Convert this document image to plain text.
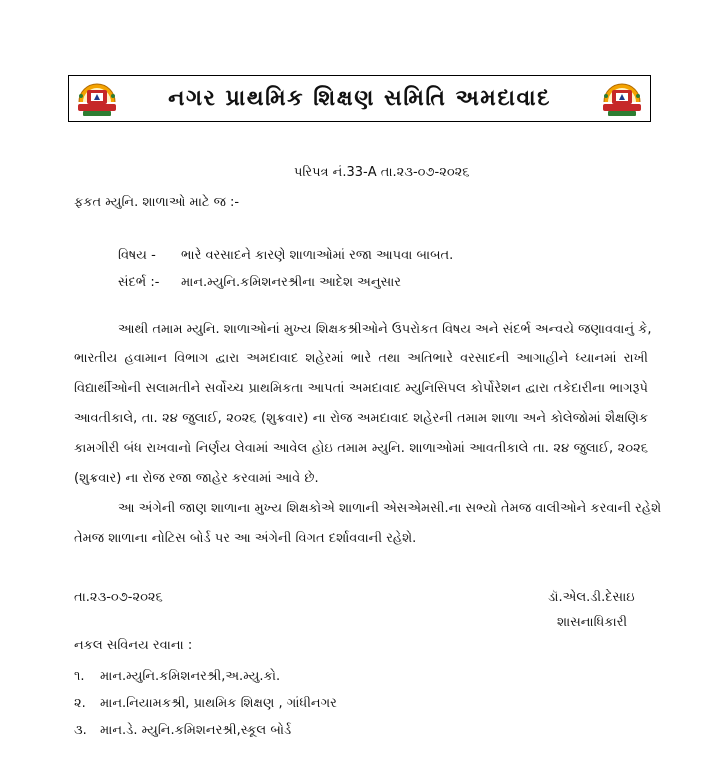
નગર પ્રાથમિક શિક્ષણ સમિતિ અમદાવાદ
પરિપત્ર નં.33-A તા.૨૩-૦૭-૨૦૨૬
ફકત મ્યુનિ. શાળાઓ માટે જ :-
વિષય - ભારે વરસાદને કારણે શાળાઓમાં રજા આપવા બાબત.
સંદર્ભ :- માન.મ્યુનિ.કમિશનરશ્રીના આદેશ અનુસાર
આથી તમામ મ્યુનિ. શાળાઓનાં મુખ્ય શિક્ષકશ્રીઓને ઉપરોકત વિષય અને સંદર્ભ અન્વયે જણાવવાનું કે,
ભારતીય હવામાન વિભાગ દ્વારા અમદાવાદ શહેરમાં ભારે તથા અતિભારે વરસાદની આગાહીને ધ્યાનમાં રાખી
વિદ્યાર્થીઓની સલામતીને સર્વોચ્ચ પ્રાથમિકતા આપતાં અમદાવાદ મ્યુનિસિપલ કોર્પોરેશન દ્વારા તકેદારીના ભાગરૂપે
આવતીકાલે, તા. ૨૪ જુલાઈ, ૨૦૨૬ (શુક્રવાર) ના રોજ અમદાવાદ શહેરની તમામ શાળા અને કોલેજોમાં શૈક્ષણિક
કામગીરી બંધ રાખવાનો નિર્ણય લેવામાં આવેલ હોઇ તમામ મ્યુનિ. શાળાઓમાં આવતીકાલે તા. ૨૪ જુલાઈ, ૨૦૨૬
(શુક્રવાર) ના રોજ રજા જાહેર કરવામાં આવે છે.
આ અંગેની જાણ શાળાના મુખ્ય શિક્ષકોએ શાળાની એસએમસી.ના સભ્યો તેમજ વાલીઓને કરવાની રહેશે
તેમજ શાળાના નોટિસ બોર્ડ પર આ અંગેની વિગત દર્શાવવાની રહેશે.
તા.૨૩-૦૭-૨૦૨૬	ડૉ.એલ.ડી.દેસાઇ
શાસનાધિકારી
નકલ સવિનય રવાના :
૧. માન.મ્યુનિ.કમિશનરશ્રી,અ.મ્યુ.કો.
૨. માન.નિયામકશ્રી, પ્રાથમિક શિક્ષણ , ગાંધીનગર
૩. માન.ડે. મ્યુનિ.કમિશનરશ્રી,સ્કૂલ બોર્ડ
